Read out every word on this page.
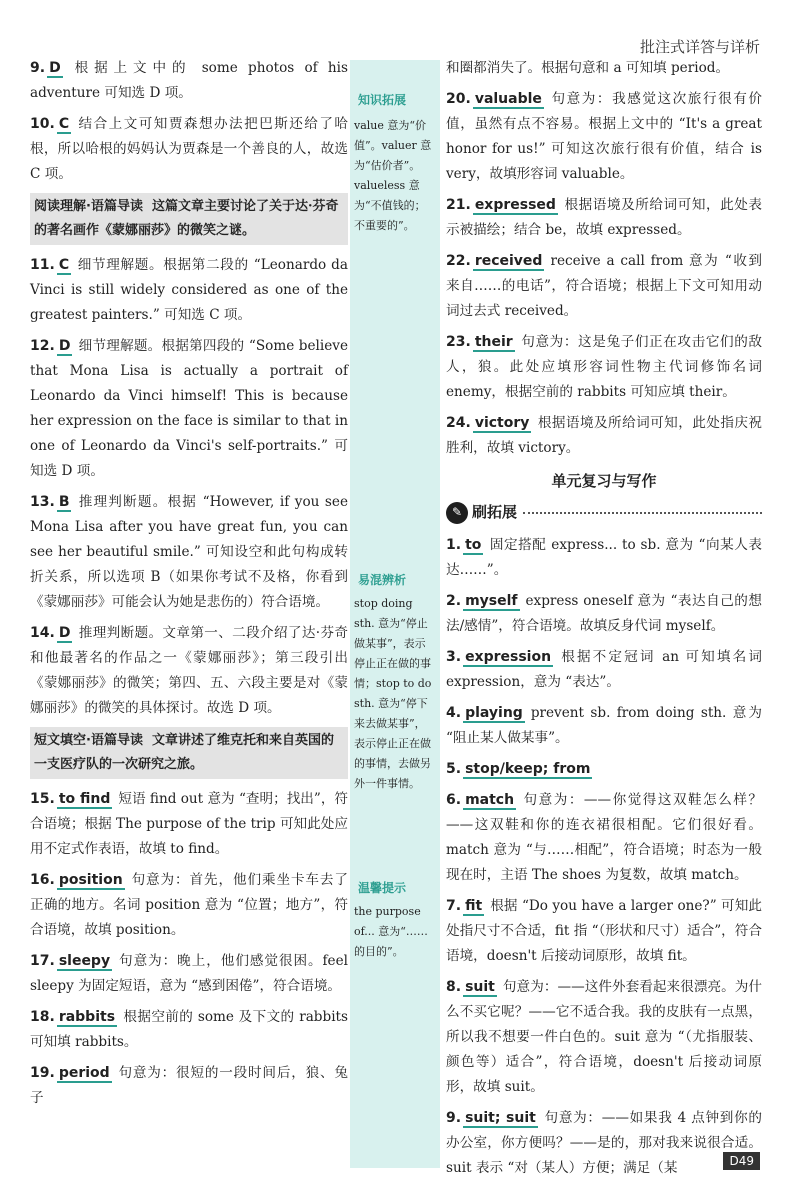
批注式详答与详析
9. D 根据上文中的 some photos of his adventure 可知选 D 项。
10. C 结合上文可知贾森想办法把巴斯还给了哈根，所以哈根的妈妈认为贾森是一个善良的人，故选 C 项。
阅读理解·语篇导读 这篇文章主要讨论了关于达·芬奇的著名画作《蒙娜丽莎》的微笑之谜。
11. C 细节理解题。根据第二段的 “Leonardo da Vinci is still widely considered as one of the greatest painters.” 可知选 C 项。
12. D 细节理解题。根据第四段的 “Some believe that Mona Lisa is actually a portrait of Leonardo da Vinci himself! This is because her expression on the face is similar to that in one of Leonardo da Vinci's self-portraits.” 可知选 D 项。
13. B 推理判断题。根据 “However, if you see Mona Lisa after you have great fun, you can see her beautiful smile.” 可知设空和此句构成转折关系，所以选项 B（如果你考试不及格，你看到《蒙娜丽莎》可能会认为她是悲伤的）符合语境。
14. D 推理判断题。文章第一、二段介绍了达·芬奇和他最著名的作品之一《蒙娜丽莎》；第三段引出《蒙娜丽莎》的微笑；第四、五、六段主要是对《蒙娜丽莎》的微笑的具体探讨。故选 D 项。
短文填空·语篇导读 文章讲述了维克托和来自英国的一支医疗队的一次研究之旅。
15. to find 短语 find out 意为 “查明；找出”，符合语境；根据 The purpose of the trip 可知此处应用不定式作表语，故填 to find。
16. position 句意为：首先，他们乘坐卡车去了正确的地方。名词 position 意为 “位置；地方”，符合语境，故填 position。
17. sleepy 句意为：晚上，他们感觉很困。feel sleepy 为固定短语，意为 “感到困倦”，符合语境。
18. rabbits 根据空前的 some 及下文的 rabbits 可知填 rabbits。
19. period 句意为：很短的一段时间后，狼、兔子
知识拓展
value 意为“价值”。valuer 意为“估价者”。valueless 意为“不值钱的；不重要的”。
易混辨析
stop doing sth. 意为“停止做某事”，表示停止正在做的事情；stop to do sth. 意为“停下来去做某事”，表示停止正在做的事情，去做另外一件事情。
温馨提示
the purpose of... 意为“……的目的”。
和圈都消失了。根据句意和 a 可知填 period。
20. valuable 句意为：我感觉这次旅行很有价值，虽然有点不容易。根据上文中的 “It's a great honor for us!” 可知这次旅行很有价值，结合 is very，故填形容词 valuable。
21. expressed 根据语境及所给词可知，此处表示被描绘；结合 be，故填 expressed。
22. received receive a call from 意为 “收到来自……的电话”，符合语境；根据上下文可知用动词过去式 received。
23. their 句意为：这是兔子们正在攻击它们的敌人，狼。此处应填形容词性物主代词修饰名词 enemy，根据空前的 rabbits 可知应填 their。
24. victory 根据语境及所给词可知，此处指庆祝胜利，故填 victory。
单元复习与写作
✎ 刷拓展
1. to 固定搭配 express... to sb. 意为 “向某人表达……”。
2. myself express oneself 意为 “表达自己的想法/感情”，符合语境。故填反身代词 myself。
3. expression 根据不定冠词 an 可知填名词 expression，意为 “表达”。
4. playing prevent sb. from doing sth. 意为 “阻止某人做某事”。
5. stop/keep; from
6. match 句意为：——你觉得这双鞋怎么样？——这双鞋和你的连衣裙很相配。它们很好看。match 意为 “与……相配”，符合语境；时态为一般现在时，主语 The shoes 为复数，故填 match。
7. fit 根据 “Do you have a larger one?” 可知此处指尺寸不合适，fit 指 “（形状和尺寸）适合”，符合语境，doesn't 后接动词原形，故填 fit。
8. suit 句意为：——这件外套看起来很漂亮。为什么不买它呢？——它不适合我。我的皮肤有一点黑，所以我不想要一件白色的。suit 意为 “（尤指服装、颜色等）适合”，符合语境，doesn't 后接动词原形，故填 suit。
9. suit; suit 句意为：——如果我 4 点钟到你的办公室，你方便吗？——是的，那对我来说很合适。suit 表示 “对（某人）方便；满足（某	D49
